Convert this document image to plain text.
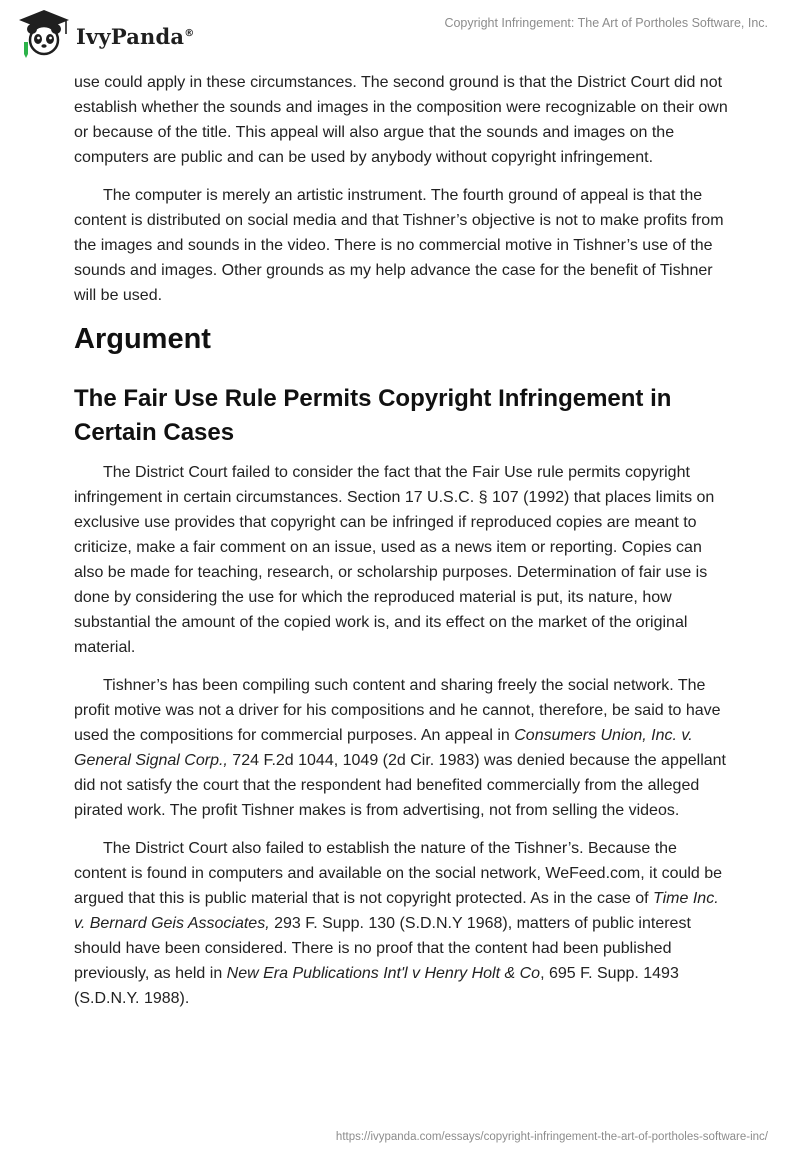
IvyPanda®
Copyright Infringement: The Art of Portholes Software, Inc.

use could apply in these circumstances. The second ground is that the District Court did not establish whether the sounds and images in the composition were recognizable on their own or because of the title. This appeal will also argue that the sounds and images on the computers are public and can be used by anybody without copyright infringement.

The computer is merely an artistic instrument. The fourth ground of appeal is that the content is distributed on social media and that Tishner’s objective is not to make profits from the images and sounds in the video. There is no commercial motive in Tishner’s use of the sounds and images. Other grounds as my help advance the case for the benefit of Tishner will be used.

Argument
The Fair Use Rule Permits Copyright Infringement in Certain Cases

The District Court failed to consider the fact that the Fair Use rule permits copyright infringement in certain circumstances. Section 17 U.S.C. § 107 (1992) that places limits on exclusive use provides that copyright can be infringed if reproduced copies are meant to criticize, make a fair comment on an issue, used as a news item or reporting. Copies can also be made for teaching, research, or scholarship purposes. Determination of fair use is done by considering the use for which the reproduced material is put, its nature, how substantial the amount of the copied work is, and its effect on the market of the original material.

Tishner’s has been compiling such content and sharing freely the social network. The profit motive was not a driver for his compositions and he cannot, therefore, be said to have used the compositions for commercial purposes. An appeal in Consumers Union, Inc. v. General Signal Corp., 724 F.2d 1044, 1049 (2d Cir. 1983) was denied because the appellant did not satisfy the court that the respondent had benefited commercially from the alleged pirated work. The profit Tishner makes is from advertising, not from selling the videos.

The District Court also failed to establish the nature of the Tishner’s. Because the content is found in computers and available on the social network, WeFeed.com, it could be argued that this is public material that is not copyright protected. As in the case of Time Inc. v. Bernard Geis Associates, 293 F. Supp. 130 (S.D.N.Y 1968), matters of public interest should have been considered. There is no proof that the content had been published previously, as held in New Era Publications Int'l v Henry Holt & Co, 695 F. Supp. 1493 (S.D.N.Y. 1988).

https://ivypanda.com/essays/copyright-infringement-the-art-of-portholes-software-inc/
